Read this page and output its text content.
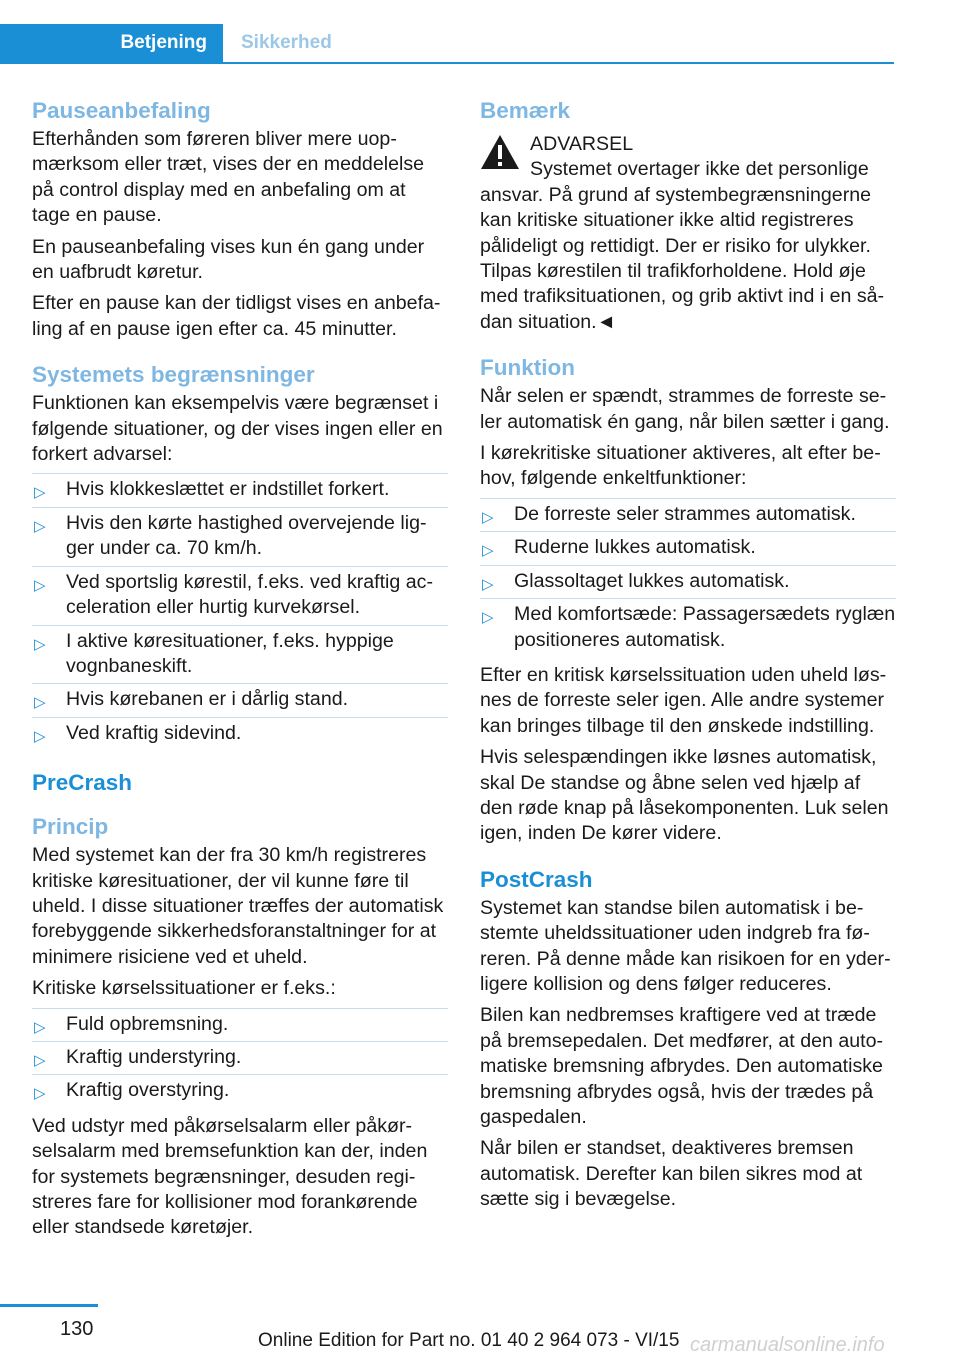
Betjening	Sikkerhed
Pauseanbefaling

Efterhånden som føreren bliver mere uopmærksom eller træt, vises der en meddelelse på control display med en anbefaling om at tage en pause.

En pauseanbefaling vises kun én gang under en uafbrudt køretur.

Efter en pause kan der tidligst vises en anbefaling af en pause igen efter ca. 45 minutter.

Systemets begrænsninger

Funktionen kan eksempelvis være begrænset i følgende situationer, og der vises ingen eller en forkert advarsel:

▷ Hvis klokkeslættet er indstillet forkert.
▷ Hvis den kørte hastighed overvejende ligger under ca. 70 km/h.
▷ Ved sportslig kørestil, f.eks. ved kraftig acceleration eller hurtig kurvekørsel.
▷ I aktive køresituationer, f.eks. hyppige vognbaneskift.
▷ Hvis kørebanen er i dårlig stand.
▷ Ved kraftig sidevind.
PreCrash
Princip

Med systemet kan der fra 30 km/h registreres kritiske køresituationer, der vil kunne føre til uheld. I disse situationer træffes der automatisk forebyggende sikkerhedsforanstaltninger for at minimere risiciene ved et uheld.

Kritiske kørselssituationer er f.eks.:

▷ Fuld opbremsning.
▷ Kraftig understyring.
▷ Kraftig overstyring.

Ved udstyr med påkørselsalarm eller påkørselsalarm med bremsefunktion kan der, inden for systemets begrænsninger, desuden registreres fare for kollisioner mod forankørende eller standsede køretøjer.

Bemærk
ADVARSEL
Systemet overtager ikke det personlige

ansvar. På grund af systembegrænsningerne kan kritiske situationer ikke altid registreres pålideligt og rettidigt. Der er risiko for ulykker. Tilpas kørestilen til trafikforholdene. Hold øje med trafiksituationen, og grib aktivt ind i en sådan situation.◄

Funktion

Når selen er spændt, strammes de forreste seler automatisk én gang, når bilen sætter i gang.

I kørekritiske situationer aktiveres, alt efter behov, følgende enkeltfunktioner:

▷ De forreste seler strammes automatisk.
▷ Ruderne lukkes automatisk.
▷ Glassoltaget lukkes automatisk.
▷ Med komfortsæde: Passagersædets ryglæn positioneres automatisk.

Efter en kritisk kørselssituation uden uheld løsnes de forreste seler igen. Alle andre systemer kan bringes tilbage til den ønskede indstilling.

Hvis selespændingen ikke løsnes automatisk, skal De standse og åbne selen ved hjælp af den røde knap på låsekomponenten. Luk selen igen, inden De kører videre.

PostCrash

Systemet kan standse bilen automatisk i bestemte uheldssituationer uden indgreb fra føreren. På denne måde kan risikoen for en yderligere kollision og dens følger reduceres.

Bilen kan nedbremses kraftigere ved at træde på bremsepedalen. Det medfører, at den automatiske bremsning afbrydes. Den automatiske bremsning afbrydes også, hvis der trædes på gaspedalen.

Når bilen er standset, deaktiveres bremsen automatisk. Derefter kan bilen sikres mod at sætte sig i bevægelse.

130
Online Edition for Part no. 01 40 2 964 073 - VI/15 carmanualsonline.info
